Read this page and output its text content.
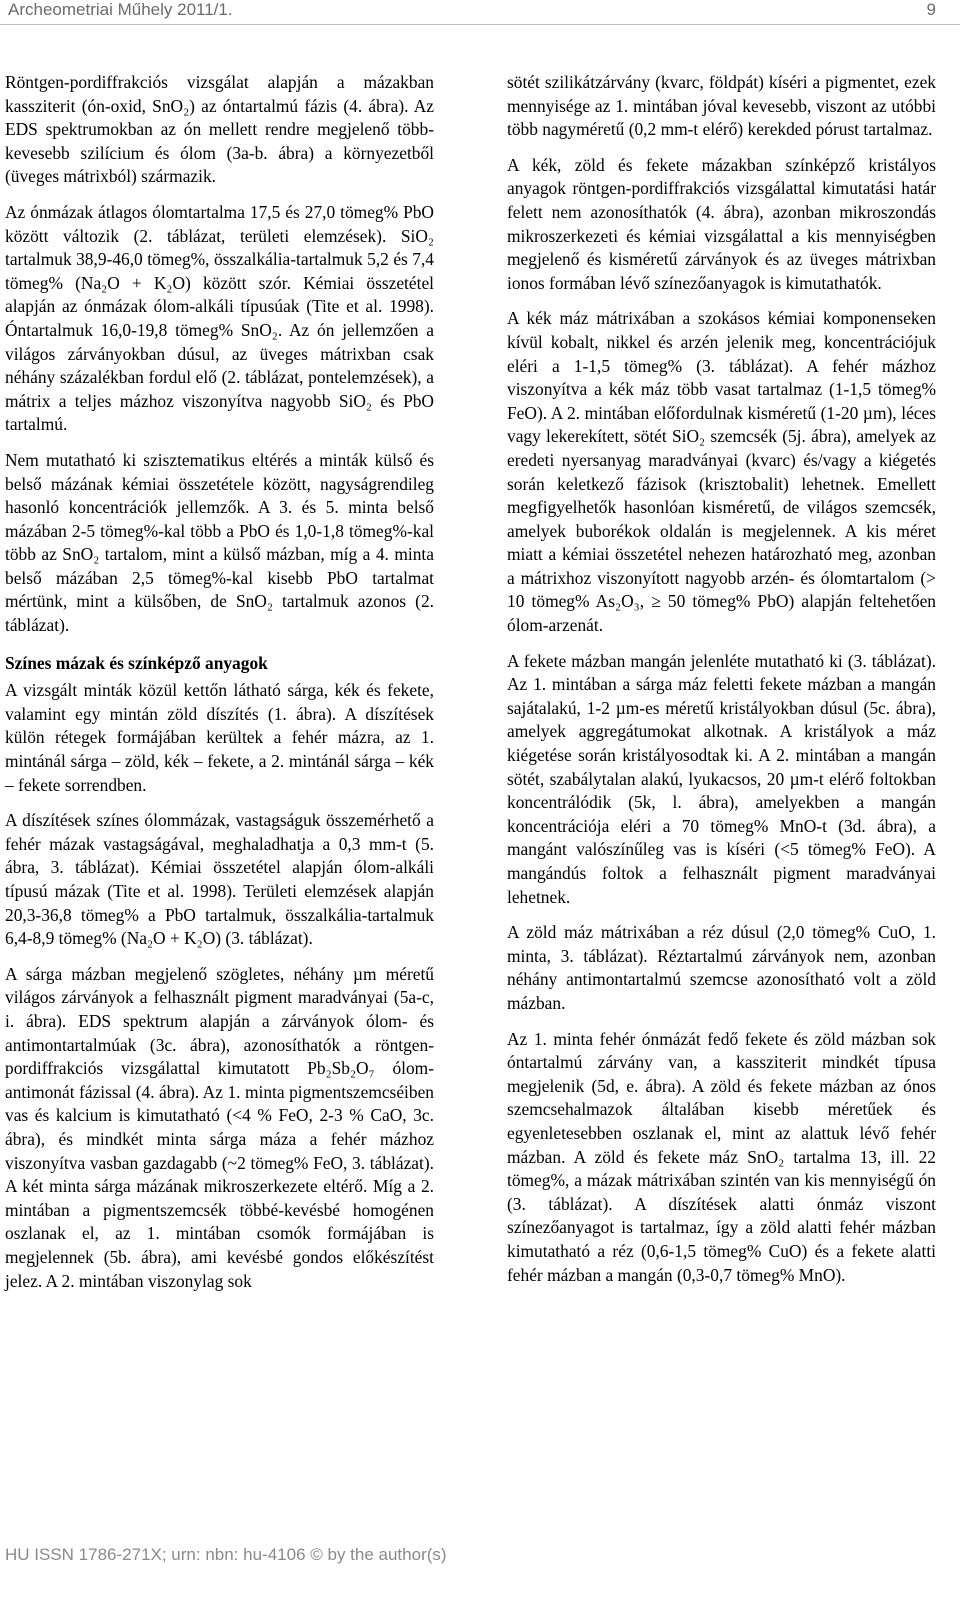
Archeometriai Műhely 2011/1.	9

Röntgen-pordiffrakciós vizsgálat alapján a mázakban kassziterit (ón-oxid, SnO₂) az óntartalmú fázis (4. ábra). Az EDS spektrumokban az ón mellett rendre megjelenő több-kevesebb szilícium és ólom (3a-b. ábra) a környezetből (üveges mátrixból) származik.

Az ónmázak átlagos ólomtartalma 17,5 és 27,0 tömeg% PbO között változik (2. táblázat, területi elemzések). SiO₂ tartalmuk 38,9-46,0 tömeg%, összalkália-tartalmuk 5,2 és 7,4 tömeg% (Na₂O + K₂O) között szór. Kémiai összetétel alapján az ónmázak ólom-alkáli típusúak (Tite et al. 1998). Óntartalmuk 16,0-19,8 tömeg% SnO₂. Az ón jellemzően a világos zárványokban dúsul, az üveges mátrixban csak néhány százalékban fordul elő (2. táblázat, pontelemzések), a mátrix a teljes mázhoz viszonyítva nagyobb SiO₂ és PbO tartalmú.

Nem mutatható ki szisztematikus eltérés a minták külső és belső mázának kémiai összetétele között, nagyságrendileg hasonló koncentrációk jellemzők. A 3. és 5. minta belső mázában 2-5 tömeg%-kal több a PbO és 1,0-1,8 tömeg%-kal több az SnO₂ tartalom, mint a külső mázban, míg a 4. minta belső mázában 2,5 tömeg%-kal kisebb PbO tartalmat mértünk, mint a külsőben, de SnO₂ tartalmuk azonos (2. táblázat).

Színes mázak és színképző anyagok

A vizsgált minták közül kettőn látható sárga, kék és fekete, valamint egy mintán zöld díszítés (1. ábra). A díszítések külön rétegek formájában kerültek a fehér mázra, az 1. mintánál sárga – zöld, kék – fekete, a 2. mintánál sárga – kék – fekete sorrendben.

A díszítések színes ólommázak, vastagságuk összemérhető a fehér mázak vastagságával, meghaladhatja a 0,3 mm-t (5. ábra, 3. táblázat). Kémiai összetétel alapján ólom-alkáli típusú mázak (Tite et al. 1998). Területi elemzések alapján 20,3-36,8 tömeg% a PbO tartalmuk, összalkália-tartalmuk 6,4-8,9 tömeg% (Na₂O + K₂O) (3. táblázat).

A sárga mázban megjelenő szögletes, néhány µm méretű világos zárványok a felhasznált pigment maradványai (5a-c, i. ábra). EDS spektrum alapján a zárványok ólom- és antimontartalmúak (3c. ábra), azonosíthatók a röntgen-pordiffrakciós vizsgálattal kimutatott Pb₂Sb₂O₇ ólom-antimonát fázissal (4. ábra). Az 1. minta pigmentszemcséiben vas és kalcium is kimutatható (<4 % FeO, 2-3 % CaO, 3c. ábra), és mindkét minta sárga máza a fehér mázhoz viszonyítva vasban gazdagabb (~2 tömeg% FeO, 3. táblázat). A két minta sárga mázának mikroszerkezete eltérő. Míg a 2. mintában a pigmentszemcsék többé-kevésbé homogénen oszlanak el, az 1. mintában csomók formájában is megjelennek (5b. ábra), ami kevésbé gondos előkészítést jelez. A 2. mintában viszonylag sok

sötét szilikátzárvány (kvarc, földpát) kíséri a pigmentet, ezek mennyisége az 1. mintában jóval kevesebb, viszont az utóbbi több nagyméretű (0,2 mm-t elérő) kerekded pórust tartalmaz.

A kék, zöld és fekete mázakban színképző kristályos anyagok röntgen-pordiffrakciós vizsgálattal kimutatási határ felett nem azonosíthatók (4. ábra), azonban mikroszondás mikroszerkezeti és kémiai vizsgálattal a kis mennyiségben megjelenő és kisméretű zárványok és az üveges mátrixban ionos formában lévő színezőanyagok is kimutathatók.

A kék máz mátrixában a szokásos kémiai komponenseken kívül kobalt, nikkel és arzén jelenik meg, koncentrációjuk eléri a 1-1,5 tömeg% (3. táblázat). A fehér mázhoz viszonyítva a kék máz több vasat tartalmaz (1-1,5 tömeg% FeO). A 2. mintában előfordulnak kisméretű (1-20 µm), léces vagy lekerekített, sötét SiO₂ szemcsék (5j. ábra), amelyek az eredeti nyersanyag maradványai (kvarc) és/vagy a kiégetés során keletkező fázisok (krisztobalit) lehetnek. Emellett megfigyelhetők hasonlóan kisméretű, de világos szemcsék, amelyek buborékok oldalán is megjelennek. A kis méret miatt a kémiai összetétel nehezen határozható meg, azonban a mátrixhoz viszonyított nagyobb arzén- és ólomtartalom (> 10 tömeg% As₂O₃, ≥ 50 tömeg% PbO) alapján feltehetően ólom-arzenát.

A fekete mázban mangán jelenléte mutatható ki (3. táblázat). Az 1. mintában a sárga máz feletti fekete mázban a mangán sajátalakú, 1-2 µm-es méretű kristályokban dúsul (5c. ábra), amelyek aggregátumokat alkotnak. A kristályok a máz kiégetése során kristályosodtak ki. A 2. mintában a mangán sötét, szabálytalan alakú, lyukacsos, 20 µm-t elérő foltokban koncentrálódik (5k, l. ábra), amelyekben a mangán koncentrációja eléri a 70 tömeg% MnO-t (3d. ábra), a mangánt valószínűleg vas is kíséri (<5 tömeg% FeO). A mangándús foltok a felhasznált pigment maradványai lehetnek.

A zöld máz mátrixában a réz dúsul (2,0 tömeg% CuO, 1. minta, 3. táblázat). Réztartalmú zárványok nem, azonban néhány antimontartalmú szemcse azonosítható volt a zöld mázban.

Az 1. minta fehér ónmázát fedő fekete és zöld mázban sok óntartalmú zárvány van, a kassziterit mindkét típusa megjelenik (5d, e. ábra). A zöld és fekete mázban az ónos szemcsehalmazok általában kisebb méretűek és egyenletesebben oszlanak el, mint az alattuk lévő fehér mázban. A zöld és fekete máz SnO₂ tartalma 13, ill. 22 tömeg%, a mázak mátrixában szintén van kis mennyiségű ón (3. táblázat). A díszítések alatti ónmáz viszont színezőanyagot is tartalmaz, így a zöld alatti fehér mázban kimutatható a réz (0,6-1,5 tömeg% CuO) és a fekete alatti fehér mázban a mangán (0,3-0,7 tömeg% MnO).

HU ISSN 1786-271X; urn: nbn: hu-4106 © by the author(s)
